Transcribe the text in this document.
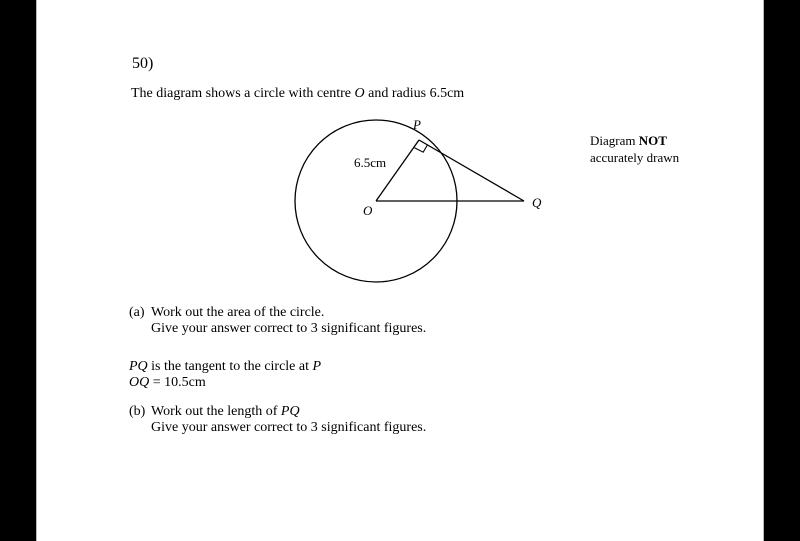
50)
The diagram shows a circle with centre O and radius 6.5cm
P
O
Q
6.5cm
Diagram NOT
accurately drawn
(a) Work out the area of the circle.
Give your answer correct to 3 significant figures.
PQ is the tangent to the circle at P
OQ = 10.5cm
(b) Work out the length of PQ
Give your answer correct to 3 significant figures.
